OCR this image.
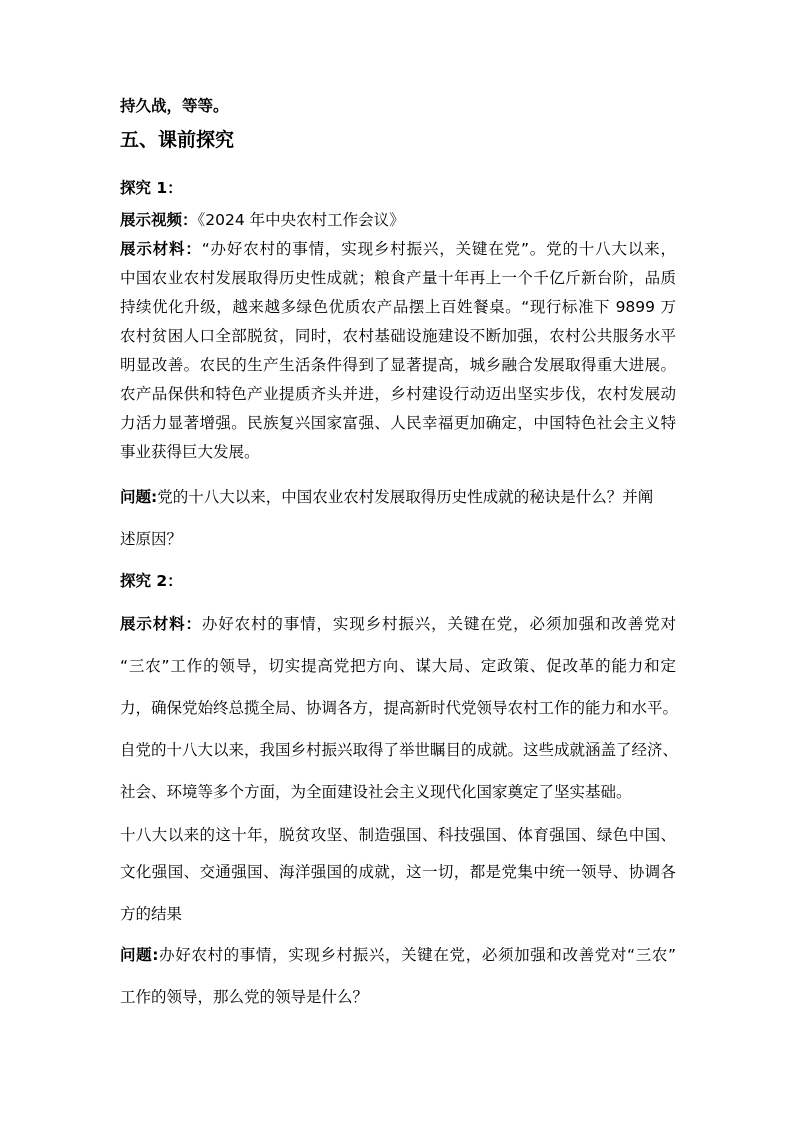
持久战，等等。
五、课前探究
探究 1：
展示视频：《2024 年中央农村工作会议》
展示材料：“办好农村的事情，实现乡村振兴，关键在党”。党的十八大以来，
中国农业农村发展取得历史性成就；粮食产量十年再上一个千亿斤新台阶，品质
持续优化升级，越来越多绿色优质农产品摆上百姓餐桌。“现行标准下 9899 万
农村贫困人口全部脱贫，同时，农村基础设施建设不断加强，农村公共服务水平
明显改善。农民的生产生活条件得到了显著提高，城乡融合发展取得重大进展。
农产品保供和特色产业提质齐头并进，乡村建设行动迈出坚实步伐，农村发展动
力活力显著增强。民族复兴国家富强、人民幸福更加确定，中国特色社会主义特
事业获得巨大发展。
问题:党的十八大以来，中国农业农村发展取得历史性成就的秘诀是什么？并阐
述原因？
探究 2：
展示材料：办好农村的事情，实现乡村振兴，关键在党，必须加强和改善党对
“三农”工作的领导，切实提高党把方向、谋大局、定政策、促改革的能力和定
力，确保党始终总揽全局、协调各方，提高新时代党领导农村工作的能力和水平。
自党的十八大以来，我国乡村振兴取得了举世瞩目的成就。这些成就涵盖了经济、
社会、环境等多个方面，为全面建设社会主义现代化国家奠定了坚实基础。
十八大以来的这十年，脱贫攻坚、制造强国、科技强国、体育强国、绿色中国、
文化强国、交通强国、海洋强国的成就，这一切，都是党集中统一领导、协调各
方的结果
问题:办好农村的事情，实现乡村振兴，关键在党，必须加强和改善党对“三农”
工作的领导，那么党的领导是什么？
